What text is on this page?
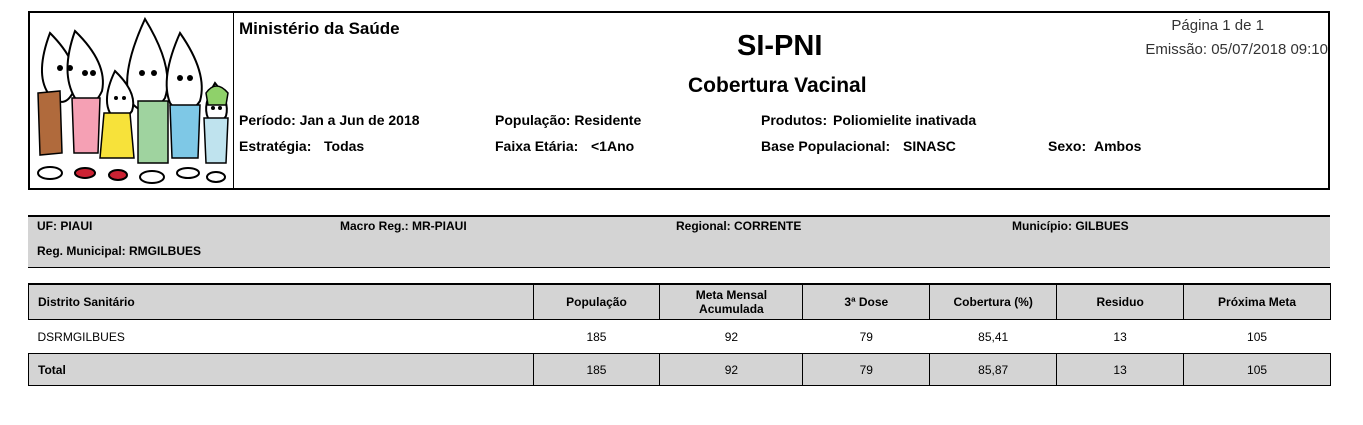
Ministério da Saúde
SI-PNI
Cobertura Vacinal
Página 1 de 1
Emissão: 05/07/2018 09:10
Período: Jan a Jun de 2018	População: Residente	Produtos: Poliomielite inativada
Estratégia: Todas	Faixa Etária: <1Ano	Base Populacional: SINASC	Sexo: Ambos
UF: PIAUI	Macro Reg.: MR-PIAUI	Regional: CORRENTE	Município: GILBUES
Reg. Municipal: RMGILBUES
Distrito Sanitário	População	Meta Mensal
Acumulada	3ª Dose	Cobertura (%)	Residuo	Próxima Meta
DSRMGILBUES	185	92	79	85,41	13	105
Total	185	92	79	85,87	13	105
